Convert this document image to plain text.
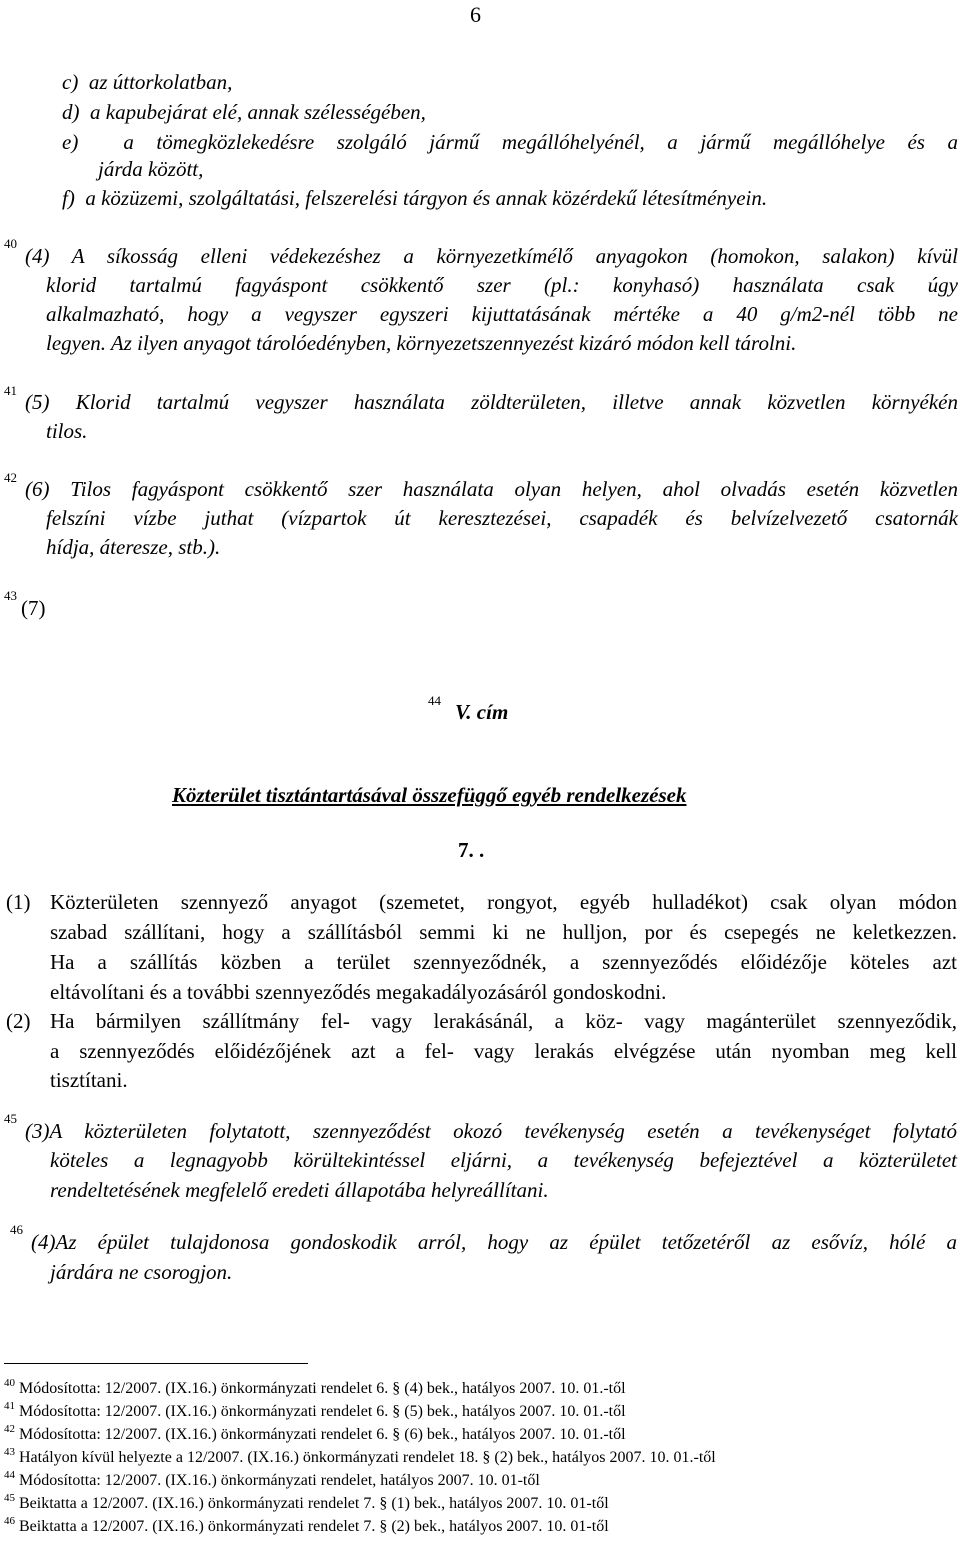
6
c)  az úttorkolatban,
d)  a kapubejárat elé, annak szélességében,
e)  a tömegközlekedésre szolgáló jármű megállóhelyénél, a jármű megállóhelye és a
járda között,
f)  a közüzemi, szolgáltatási, felszerelési tárgyon és annak közérdekű létesítményein.
40
(4) A síkosság elleni védekezéshez a környezetkímélő anyagokon (homokon, salakon) kívül
klorid tartalmú fagyáspont csökkentő szer (pl.: konyhasó) használata csak úgy
alkalmazható, hogy a vegyszer egyszeri kijuttatásának mértéke a 40 g/m2-nél több ne
legyen. Az ilyen anyagot tárolóedényben, környezetszennyezést kizáró módon kell tárolni.
41 (5) Klorid tartalmú vegyszer használata zöldterületen, illetve annak közvetlen környékén
tilos.
42 (6) Tilos fagyáspont csökkentő szer használata olyan helyen, ahol olvadás esetén közvetlen
felszíni vízbe juthat (vízpartok út keresztezései, csapadék és belvízelvezető csatornák
hídja, áteresze, stb.).
43
(7)
44 V. cím
Közterület tisztántartásával összefüggő egyéb rendelkezések
7. .
(1) Közterületen szennyező anyagot (szemetet, rongyot, egyéb hulladékot) csak olyan módon
szabad szállítani, hogy a szállításból semmi ki ne hulljon, por és csepegés ne keletkezzen.
Ha a szállítás közben a terület szennyeződnék, a szennyeződés előidézője köteles azt
eltávolítani és a további szennyeződés megakadályozásáról gondoskodni.
(2) Ha bármilyen szállítmány fel- vagy lerakásánál, a köz- vagy magánterület szennyeződik,
a szennyeződés előidézőjének azt a fel- vagy lerakás elvégzése után nyomban meg kell
tisztítani.
45
(3)A közterületen folytatott, szennyeződést okozó tevékenység esetén a tevékenységet folytató
köteles a legnagyobb körültekintéssel eljárni, a tevékenység befejeztével a közterületet
rendeltetésének megfelelő eredeti állapotába helyreállítani.
46
(4)Az épület tulajdonosa gondoskodik arról, hogy az épület tetőzetéről az esővíz, hólé a
járdára ne csorogjon.
$^{40}$ Módosította: 12/2007. (IX.16.) önkormányzati rendelet 6. § (4) bek., hatályos 2007. 10. 01.-től
$^{41}$ Módosította: 12/2007. (IX.16.) önkormányzati rendelet 6. § (5) bek., hatályos 2007. 10. 01.-től
$^{42}$ Módosította: 12/2007. (IX.16.) önkormányzati rendelet 6. § (6) bek., hatályos 2007. 10. 01.-től
$^{43}$ Hatályon kívül helyezte a 12/2007. (IX.16.) önkormányzati rendelet 18. § (2) bek., hatályos 2007. 10. 01.-től
$^{44}$ Módosította: 12/2007. (IX.16.) önkormányzati rendelet, hatályos 2007. 10. 01-től
$^{45}$ Beiktatta a 12/2007. (IX.16.) önkormányzati rendelet 7. § (1) bek., hatályos 2007. 10. 01-től
$^{46}$ Beiktatta a 12/2007. (IX.16.) önkormányzati rendelet 7. § (2) bek., hatályos 2007. 10. 01-től
